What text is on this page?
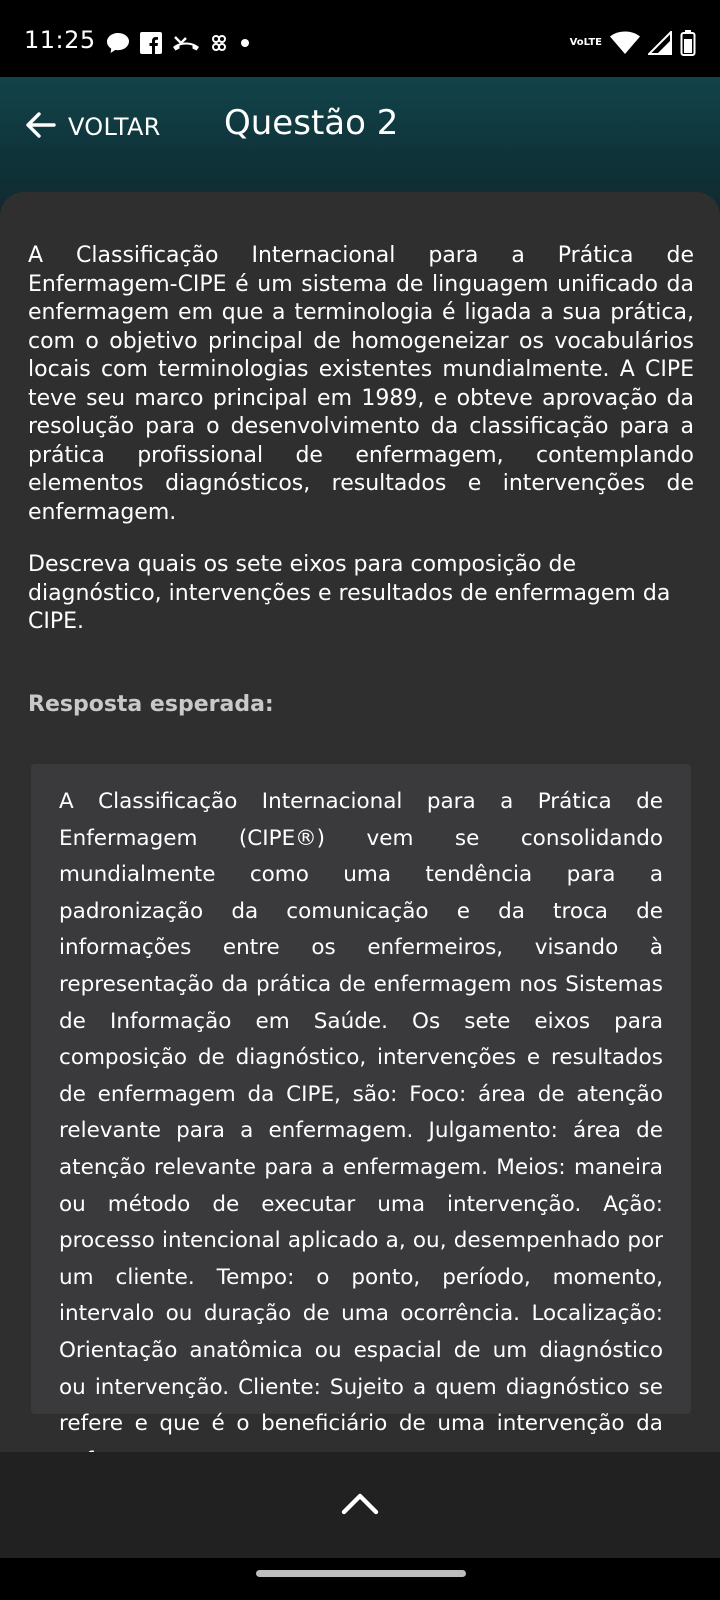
11:25	Vo LTE
VOLTAR Questão 2

A Classificação Internacional para a Prática de Enfermagem-CIPE é um sistema de linguagem unificado da enfermagem em que a terminologia é ligada a sua prática, com o objetivo principal de homogeneizar os vocabulários locais com terminologias existentes mundialmente. A CIPE teve seu marco principal em 1989, e obteve aprovação da resolução para o desenvolvimento da classificação para a prática profissional de enfermagem, contemplando elementos diagnósticos, resultados e intervenções de enfermagem.

Descreva quais os sete eixos para composição de diagnóstico, intervenções e resultados de enfermagem da CIPE.

Resposta esperada:
A Classificação Internacional para a Prática de Enfermagem (CIPE®) vem se consolidando mundialmente como uma tendência para a padronização da comunicação e da troca de informações entre os enfermeiros, visando à representação da prática de enfermagem nos Sistemas de Informação em Saúde. Os sete eixos para composição de diagnóstico, intervenções e resultados de enfermagem da CIPE, são: Foco: área de atenção relevante para a enfermagem. Julgamento: área de atenção relevante para a enfermagem. Meios: maneira ou método de executar uma intervenção. Ação: processo intencional aplicado a, ou, desempenhado por um cliente. Tempo: o ponto, período, momento, intervalo ou duração de uma ocorrência. Localização: Orientação anatômica ou espacial de um diagnóstico ou intervenção. Cliente: Sujeito a quem diagnóstico se refere e que é o beneficiário de uma intervenção da
